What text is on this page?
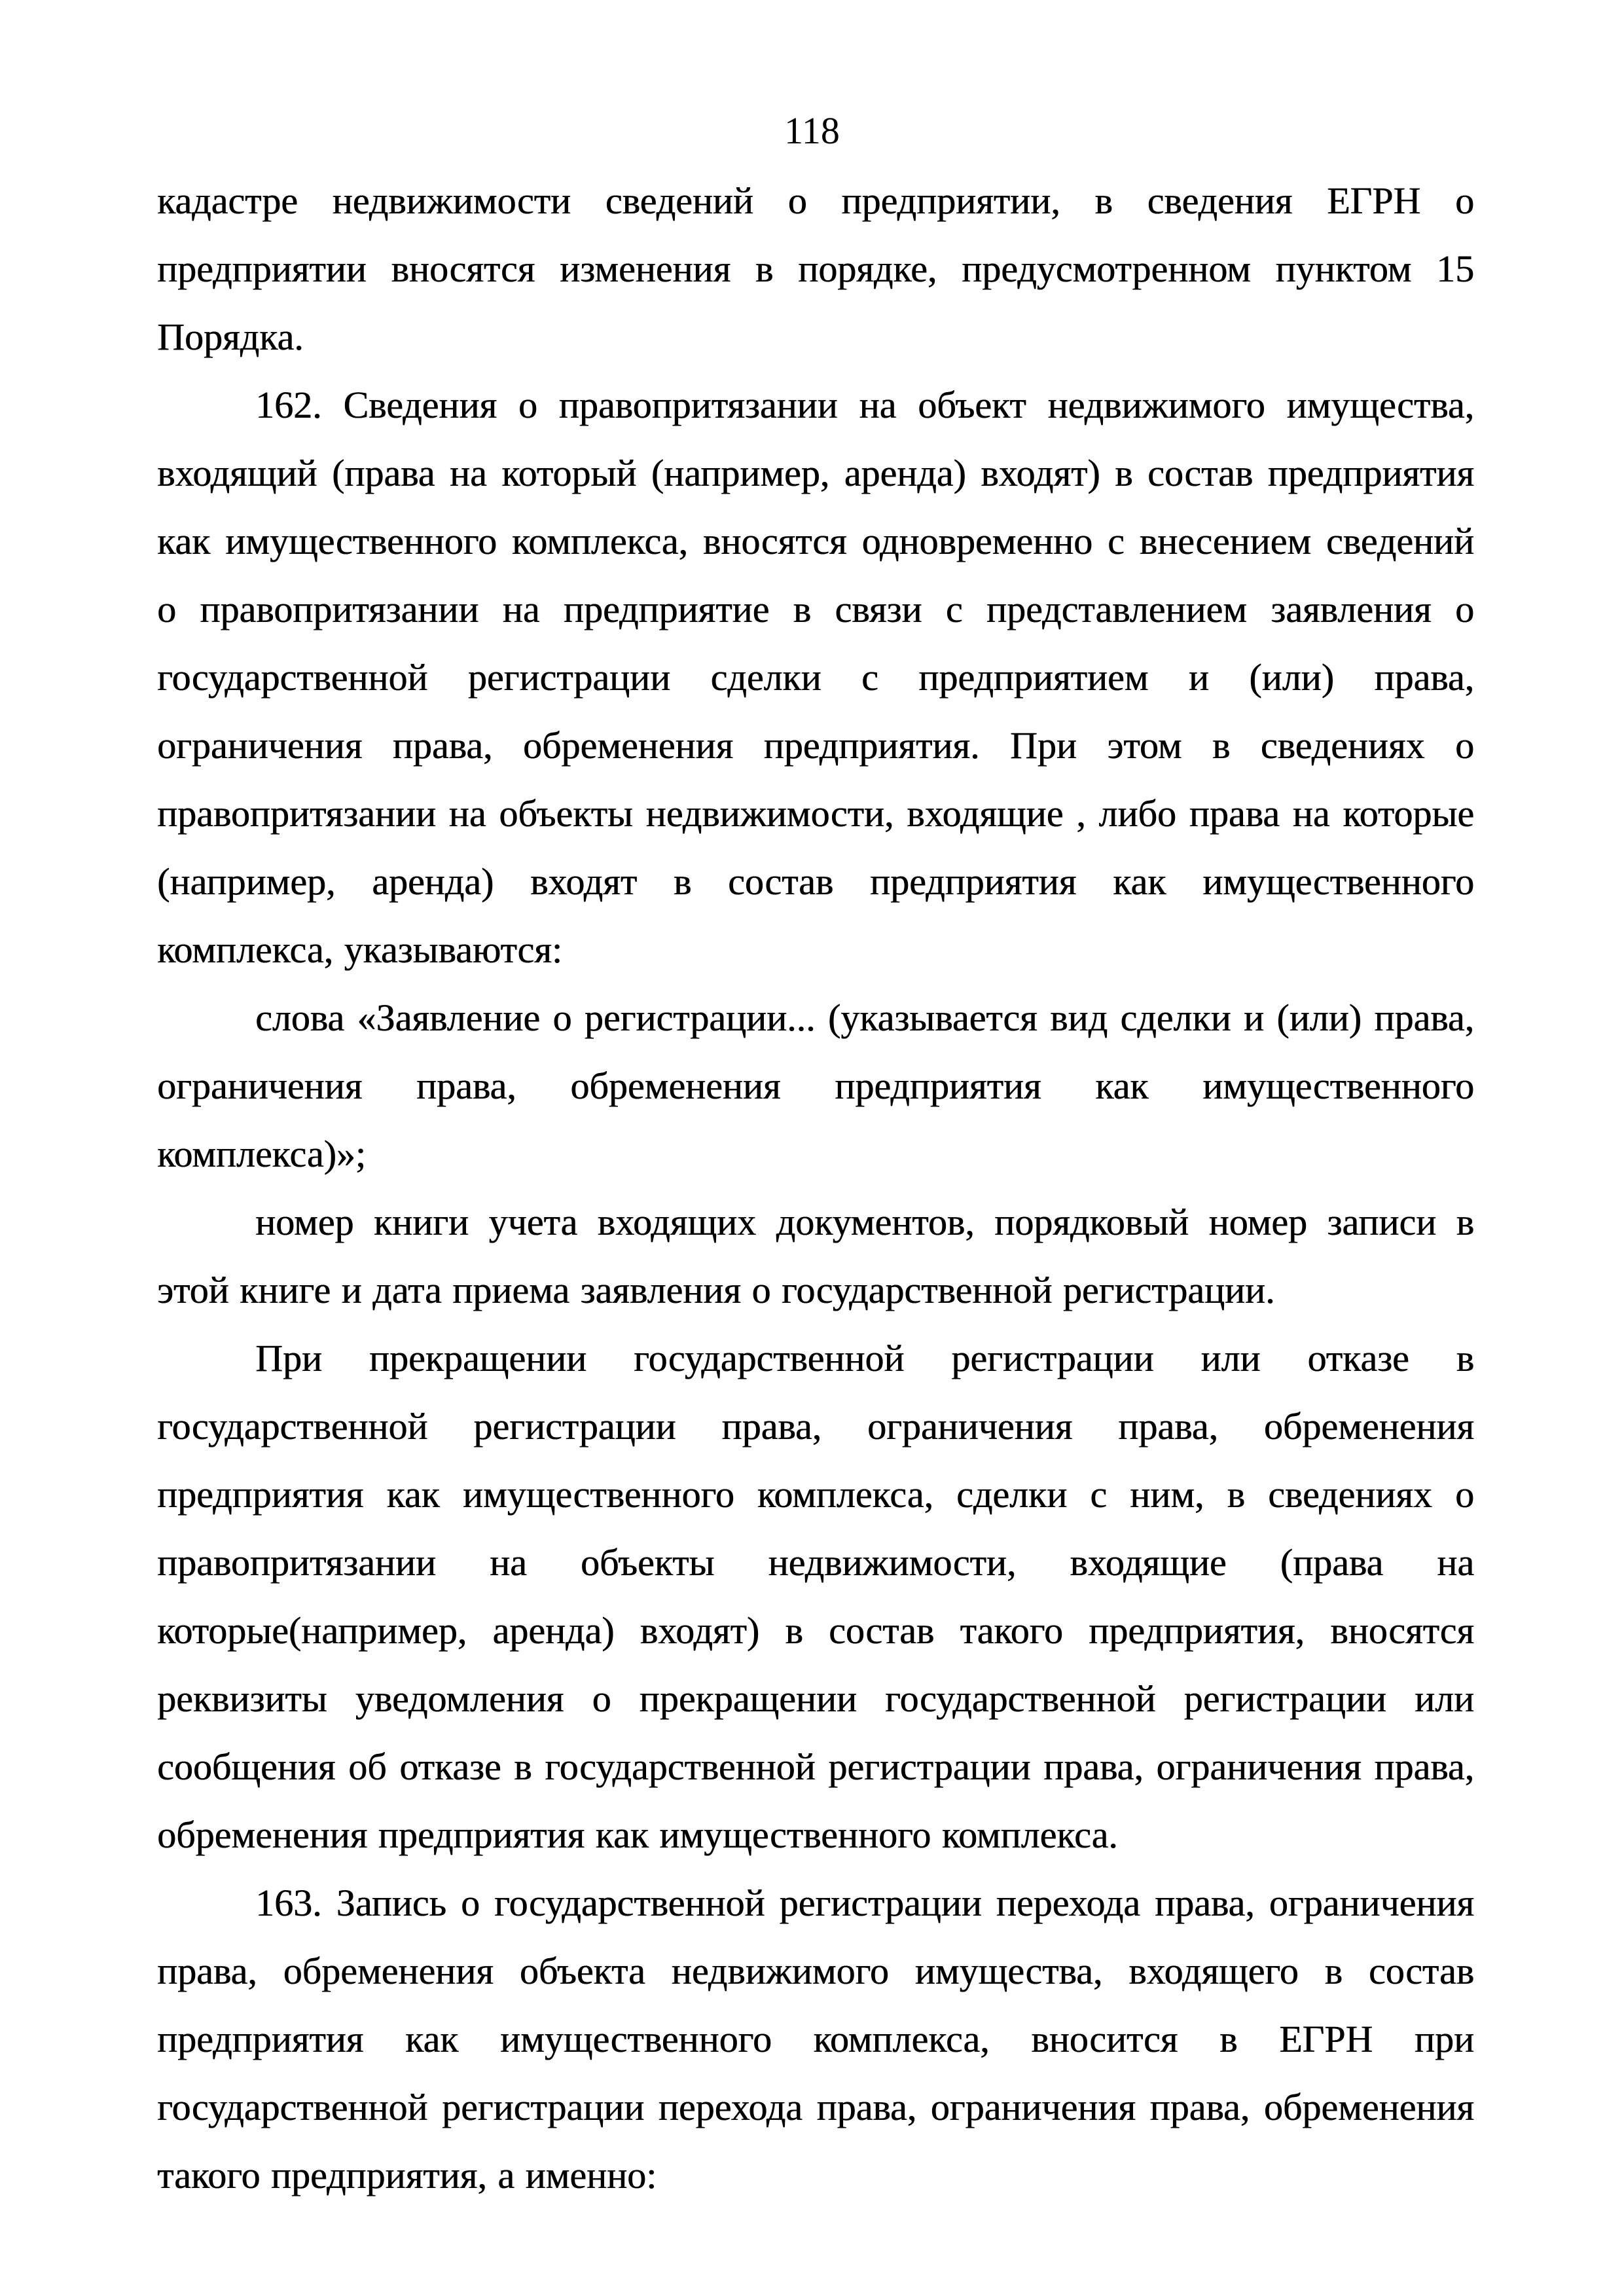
118

кадастре недвижимости сведений о предприятии, в сведения ЕГРН о предприятии вносятся изменения в порядке, предусмотренном пунктом 15 Порядка.

162. Сведения о правопритязании на объект недвижимого имущества, входящий (права на который (например, аренда) входят) в состав предприятия как имущественного комплекса, вносятся одновременно с внесением сведений о правопритязании на предприятие в связи с представлением заявления о государственной регистрации сделки с предприятием и (или) права, ограничения права, обременения предприятия. При этом в сведениях о правопритязании на объекты недвижимости, входящие , либо права на которые (например, аренда) входят в состав предприятия как имущественного комплекса, указываются:

слова «Заявление о регистрации... (указывается вид сделки и (или) права, ограничения права, обременения предприятия как имущественного комплекса)»;

номер книги учета входящих документов, порядковый номер записи в этой книге и дата приема заявления о государственной регистрации.

При прекращении государственной регистрации или отказе в государственной регистрации права, ограничения права, обременения предприятия как имущественного комплекса, сделки с ним, в сведениях о правопритязании на объекты недвижимости, входящие (права на которые(например, аренда) входят) в состав такого предприятия, вносятся реквизиты уведомления о прекращении государственной регистрации или сообщения об отказе в государственной регистрации права, ограничения права, обременения предприятия как имущественного комплекса.

163. Запись о государственной регистрации перехода права, ограничения права, обременения объекта недвижимого имущества, входящего в состав предприятия как имущественного комплекса, вносится в ЕГРН при государственной регистрации перехода права, ограничения права, обременения такого предприятия, а именно:
